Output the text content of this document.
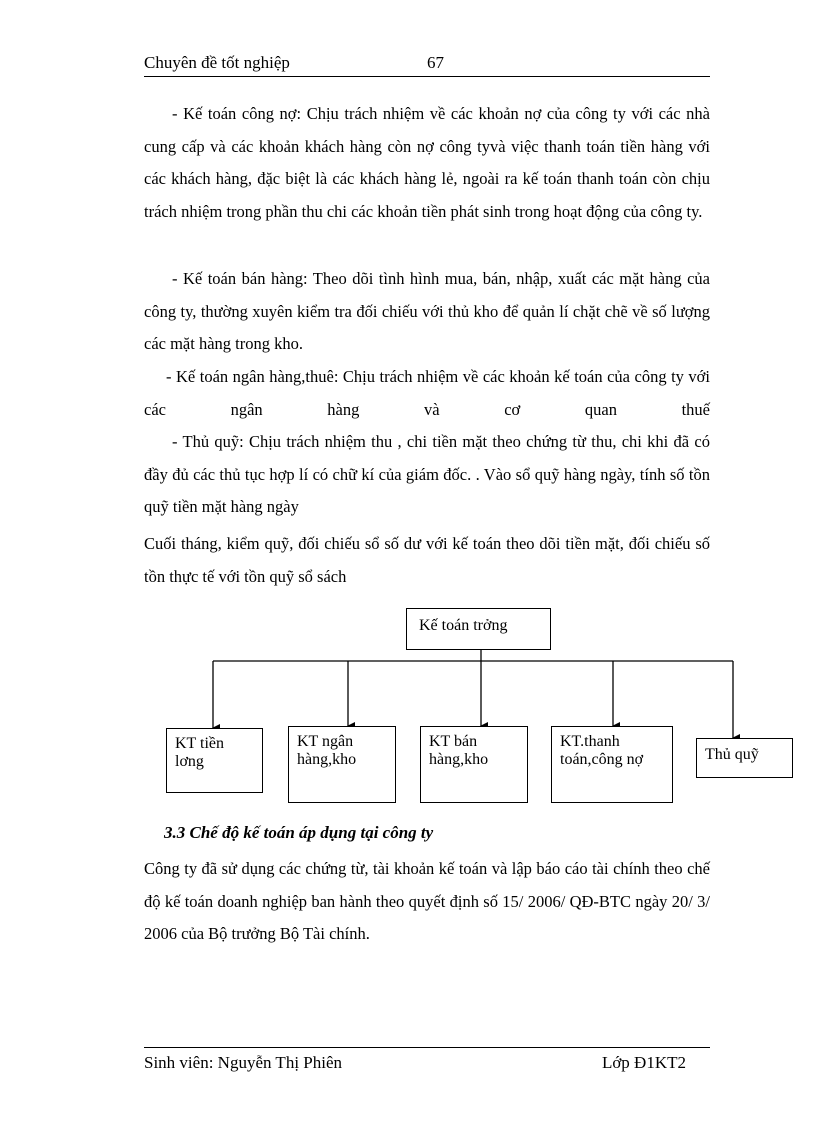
Chuyên đề tốt nghiệp	67

- Kế toán công nợ: Chịu trách nhiệm về các khoản nợ của công ty với các nhà cung cấp và các khoản khách hàng còn nợ công tyvà việc thanh toán tiền hàng với các khách hàng, đặc biệt là các khách hàng lẻ, ngoài ra kế toán thanh toán còn chịu trách nhiệm trong phần thu chi các khoản tiền phát sinh trong hoạt động của công ty.

- Kế toán bán hàng: Theo dõi tình hình mua, bán, nhập, xuất các mặt hàng của công ty, thường xuyên kiểm tra đối chiếu với thủ kho để quản lí chặt chẽ về số lượng các mặt hàng trong kho.

- Kế toán ngân hàng,thuê: Chịu trách nhiệm về các khoản kế toán của công ty với các ngân hàng và cơ quan thuế

- Thủ quỹ: Chịu trách nhiệm thu , chi tiền mặt theo chứng từ thu, chi khi đã có đầy đủ các thủ tục hợp lí có chữ kí của giám đốc. . Vào sổ quỹ hàng ngày, tính số tồn quỹ tiền mặt hàng ngày

Cuối tháng, kiểm quỹ, đối chiếu sổ số dư với kế toán theo dõi tiền mặt, đối chiếu số tồn thực tế với tồn quỹ sổ sách

Kế toán trởng
KT tiền lơng
KT ngân hàng,kho
KT bán hàng,kho
KT.thanh toán,công nợ	Thủ quỹ
3.3 Chế độ kế toán áp dụng tại công ty

Công ty đã sử dụng các chứng từ, tài khoản kế toán và lập báo cáo tài chính theo chế độ kế toán doanh nghiệp ban hành theo quyết định số 15/ 2006/ QĐ-BTC ngày 20/ 3/ 2006 của Bộ trưởng Bộ Tài chính.

Sinh viên: Nguyễn Thị Phiên	Lớp Đ1KT2
